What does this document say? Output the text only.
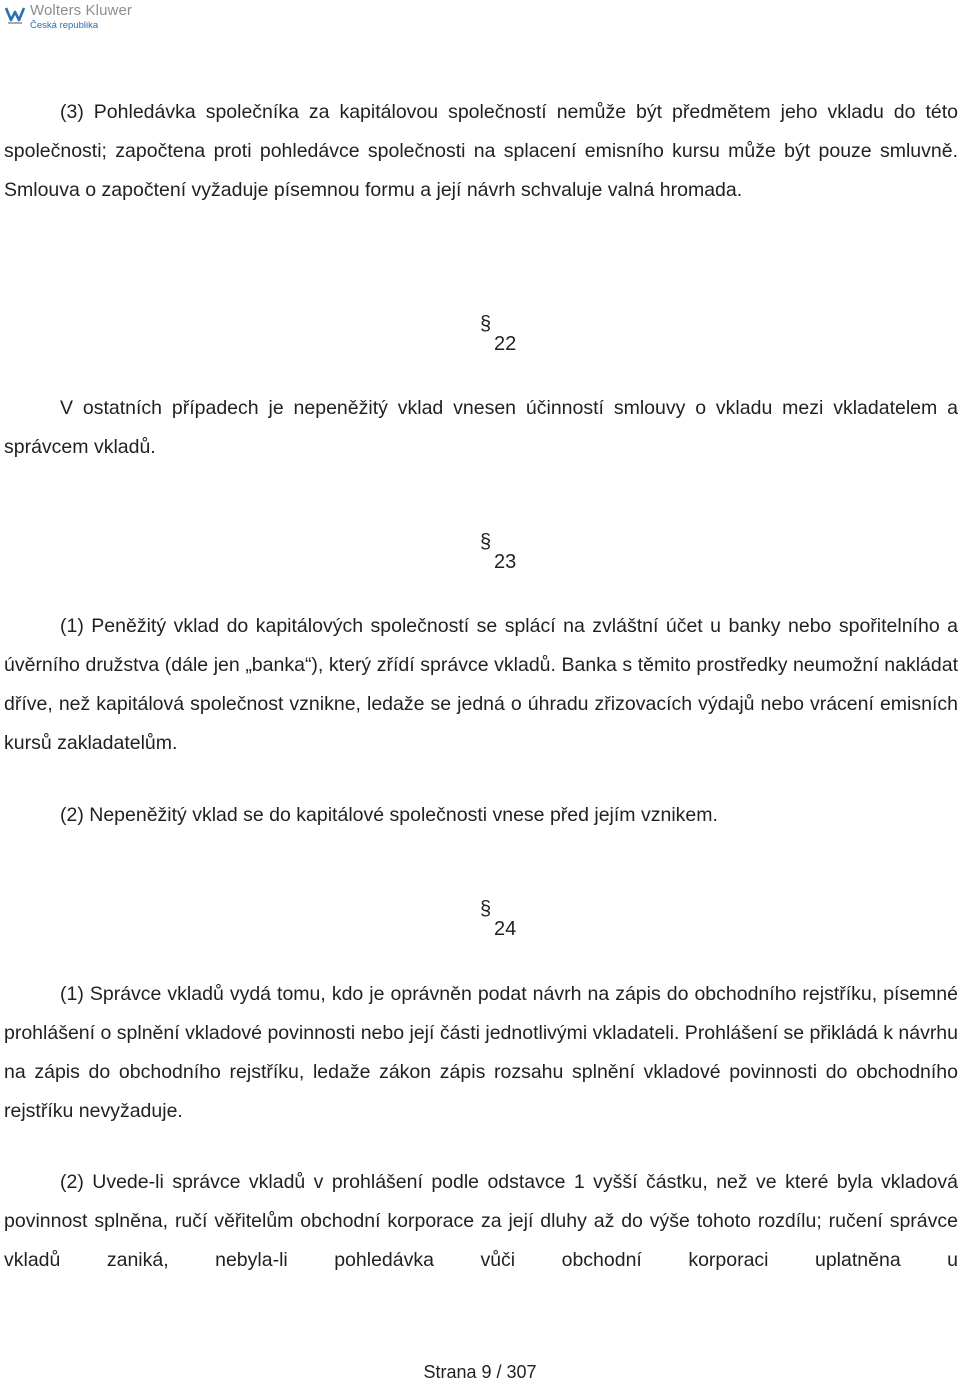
Wolters Kluwer
Česká republika

(3) Pohledávka společníka za kapitálovou společností nemůže být předmětem jeho vkladu do této společnosti; započtena proti pohledávce společnosti na splacení emisního kursu může být pouze smluvně. Smlouva o započtení vyžaduje písemnou formu a její návrh schvaluje valná hromada.

§22

V ostatních případech je nepeněžitý vklad vnesen účinností smlouvy o vkladu mezi vkladatelem a správcem vkladů.

§23

(1) Peněžitý vklad do kapitálových společností se splácí na zvláštní účet u banky nebo spořitelního a úvěrního družstva (dále jen „banka“), který zřídí správce vkladů. Banka s těmito prostředky neumožní nakládat dříve, než kapitálová společnost vznikne, ledaže se jedná o úhradu zřizovacích výdajů nebo vrácení emisních kursů zakladatelům.

(2) Nepeněžitý vklad se do kapitálové společnosti vnese před jejím vznikem.

§24

(1) Správce vkladů vydá tomu, kdo je oprávněn podat návrh na zápis do obchodního rejstříku, písemné prohlášení o splnění vkladové povinnosti nebo její části jednotlivými vkladateli. Prohlášení se přikládá k návrhu na zápis do obchodního rejstříku, ledaže zákon zápis rozsahu splnění vkladové povinnosti do obchodního rejstříku nevyžaduje.

(2) Uvede-li správce vkladů v prohlášení podle odstavce 1 vyšší částku, než ve které byla vkladová povinnost splněna, ručí věřitelům obchodní korporace za její dluhy až do výše tohoto rozdílu; ručení správce vkladů zaniká, nebyla-li pohledávka vůči obchodní korporaci uplatněna u

Strana 9 / 307
